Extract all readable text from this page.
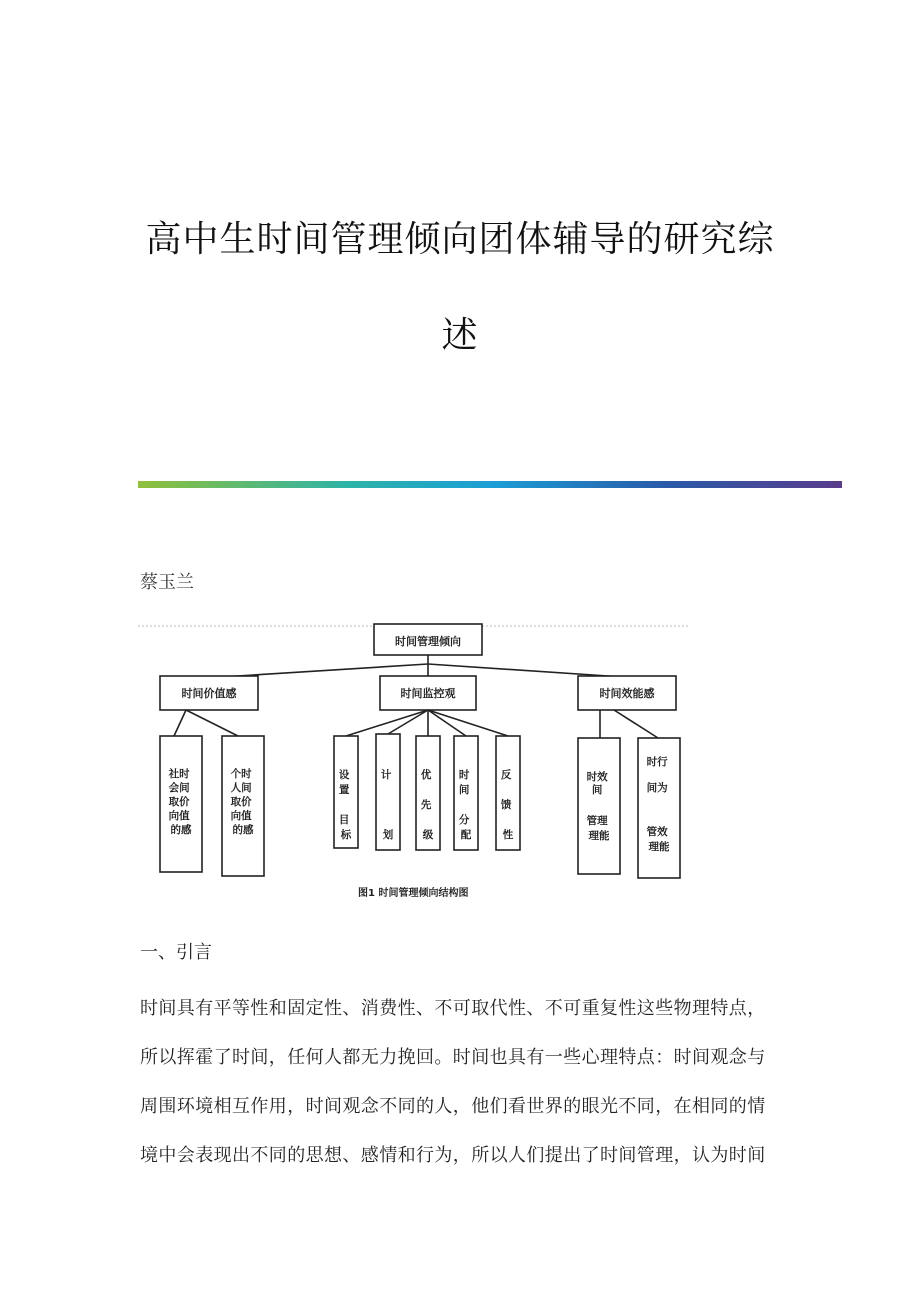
高中生时间管理倾向团体辅导的研究综
述
蔡玉兰
时间管理倾向
时间价值感	时间监控观	时间效能感
社时 会间 取价 向值 的感
个时 人间 取价 向值 的感
设 置 目 标
计 划
优 先 级
时 间 分 配
反 馈 性
时效 间 管理 理能
时行 间为 管效 理能
图1 时间管理倾向结构图
一、引言
时间具有平等性和固定性、消费性、不可取代性、不可重复性这些物理特点，
所以挥霍了时间，任何人都无力挽回。时间也具有一些心理特点：时间观念与
周围环境相互作用，时间观念不同的人，他们看世界的眼光不同，在相同的情
境中会表现出不同的思想、感情和行为，所以人们提出了时间管理，认为时间
